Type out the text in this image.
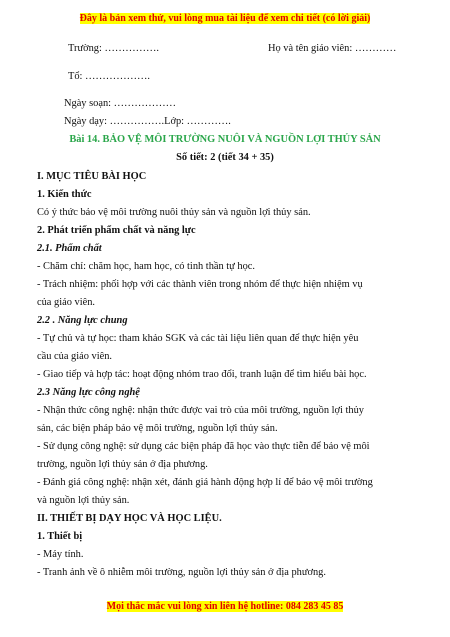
Đây là bản xem thử, vui lòng mua tài liệu để xem chi tiết (có lời giải)
Trường: …………….	Họ và tên giáo viên: …………
Tổ: ……………….
Ngày soạn: ………………
Ngày dạy: …………….Lớp: ………….
Bài 14. BẢO VỆ MÔI TRƯỜNG NUÔI VÀ NGUỒN LỢI THỦY SẢN
Số tiết: 2 (tiết 34 + 35)
I. MỤC TIÊU BÀI HỌC
1. Kiến thức
Có ý thức bảo vệ môi trường nuôi thủy sản và nguồn lợi thủy sản.
2. Phát triển phẩm chất và năng lực
2.1. Phẩm chất
- Chăm chỉ: chăm học, ham học, có tinh thần tự học.
- Trách nhiệm: phối hợp với các thành viên trong nhóm để thực hiện nhiệm vụ
của giáo viên.
2.2 . Năng lực chung
- Tự chủ và tự học: tham khảo SGK và các tài liệu liên quan để thực hiện yêu
cầu của giáo viên.
- Giao tiếp và hợp tác: hoạt động nhóm trao đổi, tranh luận để tìm hiểu bài học.
2.3 Năng lực công nghệ
- Nhận thức công nghệ: nhận thức được vai trò của môi trường, nguồn lợi thủy
sản, các biện pháp bảo vệ môi trường, nguồn lợi thủy sản.
- Sử dụng công nghệ: sử dụng các biện pháp đã học vào thực tiễn để bảo vệ môi
trường, nguồn lợi thủy sản ở địa phương.
- Đánh giá công nghệ: nhận xét, đánh giá hành động hợp lí để bảo vệ môi trường
và nguồn lợi thủy sản.
II. THIẾT BỊ DẠY HỌC VÀ HỌC LIỆU.
1. Thiết bị
- Máy tính.
- Tranh ảnh về ô nhiễm môi trường, nguồn lợi thủy sản ở địa phương.
Mọi thắc mắc vui lòng xin liên hệ hotline: 084 283 45 85
